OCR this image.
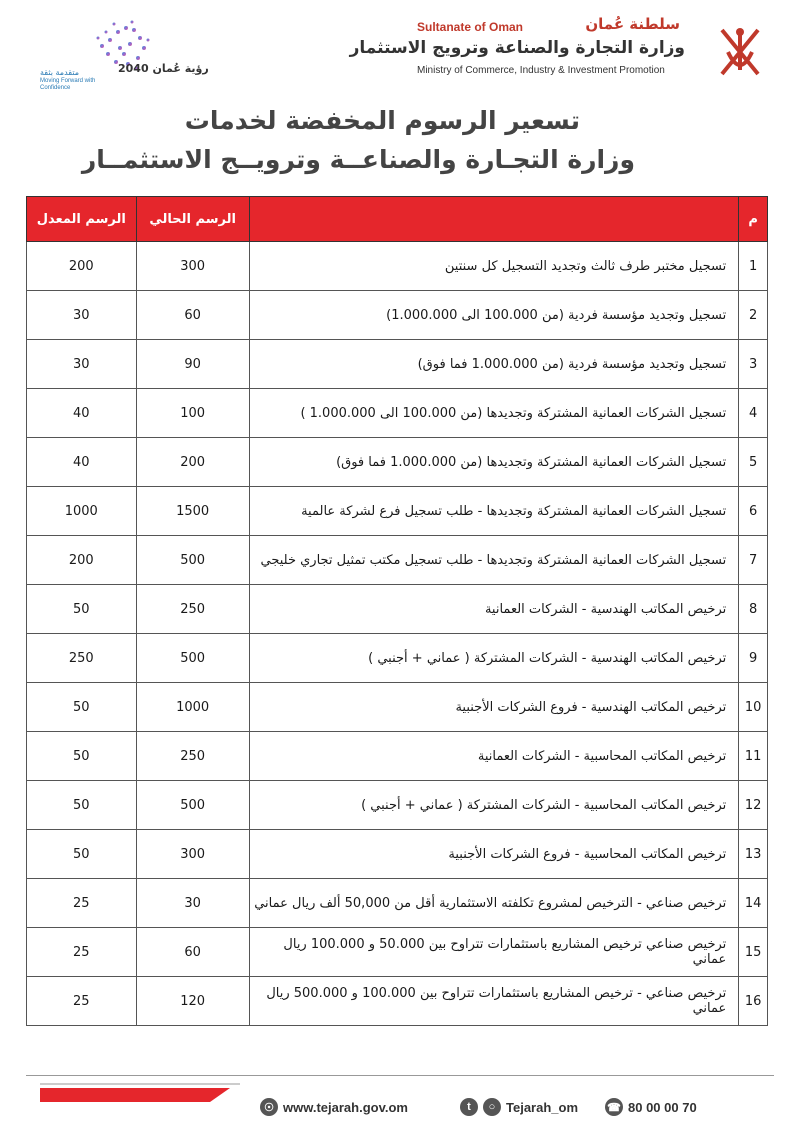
Sultanate of Oman	سلطنة عُمان
وزارة التجارة والصناعة وترويج الاستثمار
Ministry of Commerce, Industry & Investment Promotion
رؤية عُمان 2040
متقدمة بثقة
Moving Forward with Confidence
تسعير الرسوم المخفضة لخدمات
وزارة التجـارة والصناعــة وترويــج الاستثمــار
م		الرسم الحالي	الرسم المعدل
1	تسجيل مختبر طرف ثالث وتجديد التسجيل كل سنتين	300	200
2	تسجيل وتجديد مؤسسة فردية (من 100.000 الى 1.000.000)	60	30
3	تسجيل وتجديد مؤسسة فردية (من 1.000.000 فما فوق)	90	30
4	تسجيل الشركات العمانية المشتركة وتجديدها (من 100.000 الى 1.000.000 )	100	40
5	تسجيل الشركات العمانية المشتركة وتجديدها (من 1.000.000 فما فوق)	200	40
6	تسجيل الشركات العمانية المشتركة وتجديدها - طلب تسجيل فرع لشركة عالمية	1500	1000
7	تسجيل الشركات العمانية المشتركة وتجديدها - طلب تسجيل مكتب تمثيل تجاري خليجي	500	200
8	ترخيص المكاتب الهندسية - الشركات العمانية	250	50
9	ترخيص المكاتب الهندسية - الشركات المشتركة ( عماني + أجنبي )	500	250
10	ترخيص المكاتب الهندسية - فروع الشركات الأجنبية	1000	50
11	ترخيص المكاتب المحاسبية - الشركات العمانية	250	50
12	ترخيص المكاتب المحاسبية - الشركات المشتركة ( عماني + أجنبي )	500	50
13	ترخيص المكاتب المحاسبية - فروع الشركات الأجنبية	300	50
14	ترخيص صناعي - الترخيص لمشروع تكلفته الاستثمارية أقل من 50,000 ألف ريال عماني	30	25
15	ترخيص صناعي ترخيص المشاريع باستثمارات تتراوح بين 50.000 و 100.000 ريال عماني	60	25
16	ترخيص صناعي - ترخيص المشاريع باستثمارات تتراوح بين 100.000 و 500.000 ريال عماني	120	25
☉ www.tejarah.gov.om	t	○ Tejarah_om	☎ 80 00 00 70
